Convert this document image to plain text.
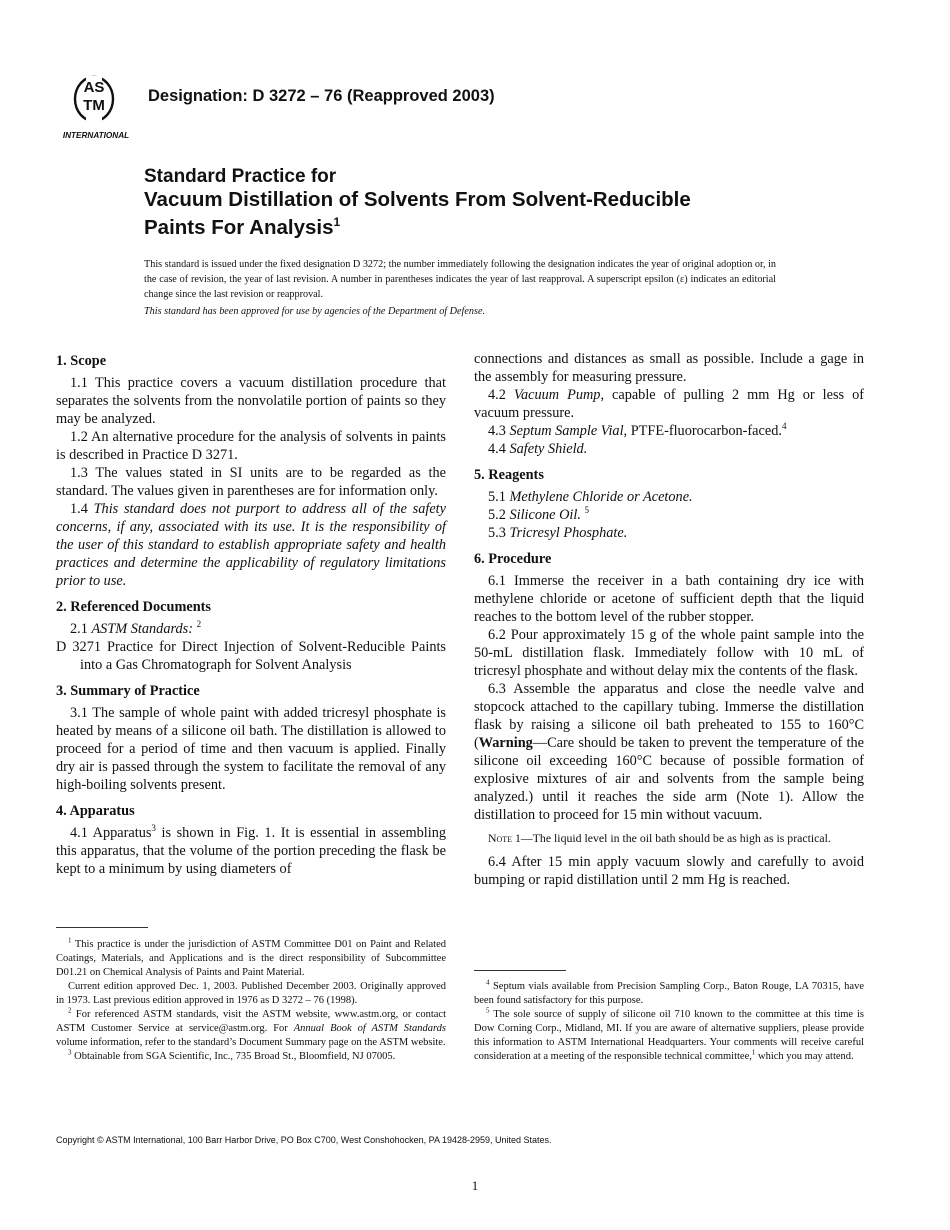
AS
TM
INTERNATIONAL
Designation: D 3272 – 76 (Reapproved 2003)
Standard Practice for
Vacuum Distillation of Solvents From Solvent-Reducible
Paints For Analysis$^1$
This standard is issued under the fixed designation D 3272; the number immediately following the designation indicates the year of original adoption or, in the case of revision, the year of last revision. A number in parentheses indicates the year of last reapproval. A superscript epsilon (ε) indicates an editorial change since the last revision or reapproval.
This standard has been approved for use by agencies of the Department of Defense.
1. Scope

1.1 This practice covers a vacuum distillation procedure that separates the solvents from the nonvolatile portion of paints so they may be analyzed.

1.2 An alternative procedure for the analysis of solvents in paints is described in Practice D 3271.

1.3 The values stated in SI units are to be regarded as the standard. The values given in parentheses are for information only.

1.4 This standard does not purport to address all of the safety concerns, if any, associated with its use. It is the responsibility of the user of this standard to establish appropriate safety and health practices and determine the applicability of regulatory limitations prior to use.

2. Referenced Documents

2.1 ASTM Standards: $^2$

D 3271 Practice for Direct Injection of Solvent-Reducible Paints into a Gas Chromatograph for Solvent Analysis

3. Summary of Practice

3.1 The sample of whole paint with added tricresyl phosphate is heated by means of a silicone oil bath. The distillation is allowed to proceed for a period of time and then vacuum is applied. Finally dry air is passed through the system to facilitate the removal of any high-boiling solvents present.

4. Apparatus

4.1 Apparatus$^3$ is shown in Fig. 1. It is essential in assembling this apparatus, that the volume of the portion preceding the flask be kept to a minimum by using diameters of

connections and distances as small as possible. Include a gage in the assembly for measuring pressure.

4.2 Vacuum Pump, capable of pulling 2 mm Hg or less of vacuum pressure.

4.3 Septum Sample Vial, PTFE-fluorocarbon-faced.$^4$

4.4 Safety Shield.

5. Reagents

5.1 Methylene Chloride or Acetone.

5.2 Silicone Oil. $^5$

5.3 Tricresyl Phosphate.

6. Procedure

6.1 Immerse the receiver in a bath containing dry ice with methylene chloride or acetone of sufficient depth that the liquid reaches to the bottom level of the rubber stopper.

6.2 Pour approximately 15 g of the whole paint sample into the 50-mL distillation flask. Immediately follow with 10 mL of tricresyl phosphate and without delay mix the contents of the flask.

6.3 Assemble the apparatus and close the needle valve and stopcock attached to the capillary tubing. Immerse the distillation flask by raising a silicone oil bath preheated to 155 to 160°C (Warning—Care should be taken to prevent the temperature of the silicone oil exceeding 160°C because of possible formation of explosive mixtures of air and solvents from the sample being analyzed.) until it reaches the side arm (Note 1). Allow the distillation to proceed for 15 min without vacuum.

Note 1—The liquid level in the oil bath should be as high as is practical.

6.4 After 15 min apply vacuum slowly and carefully to avoid bumping or rapid distillation until 2 mm Hg is reached.

$^1$ This practice is under the jurisdiction of ASTM Committee D01 on Paint and Related Coatings, Materials, and Applications and is the direct responsibility of Subcommittee D01.21 on Chemical Analysis of Paints and Paint Material.

Current edition approved Dec. 1, 2003. Published December 2003. Originally approved in 1973. Last previous edition approved in 1976 as D 3272 – 76 (1998).

$^2$ For referenced ASTM standards, visit the ASTM website, www.astm.org, or contact ASTM Customer Service at service@astm.org. For Annual Book of ASTM Standards volume information, refer to the standard’s Document Summary page on the ASTM website.

$^3$ Obtainable from SGA Scientific, Inc., 735 Broad St., Bloomfield, NJ 07005.

$^4$ Septum vials available from Precision Sampling Corp., Baton Rouge, LA 70315, have been found satisfactory for this purpose.

$^5$ The sole source of supply of silicone oil 710 known to the committee at this time is Dow Corning Corp., Midland, MI. If you are aware of alternative suppliers, please provide this information to ASTM International Headquarters. Your comments will receive careful consideration at a meeting of the responsible technical committee,$^1$ which you may attend.

Copyright © ASTM International, 100 Barr Harbor Drive, PO Box C700, West Conshohocken, PA 19428-2959, United States.
1
